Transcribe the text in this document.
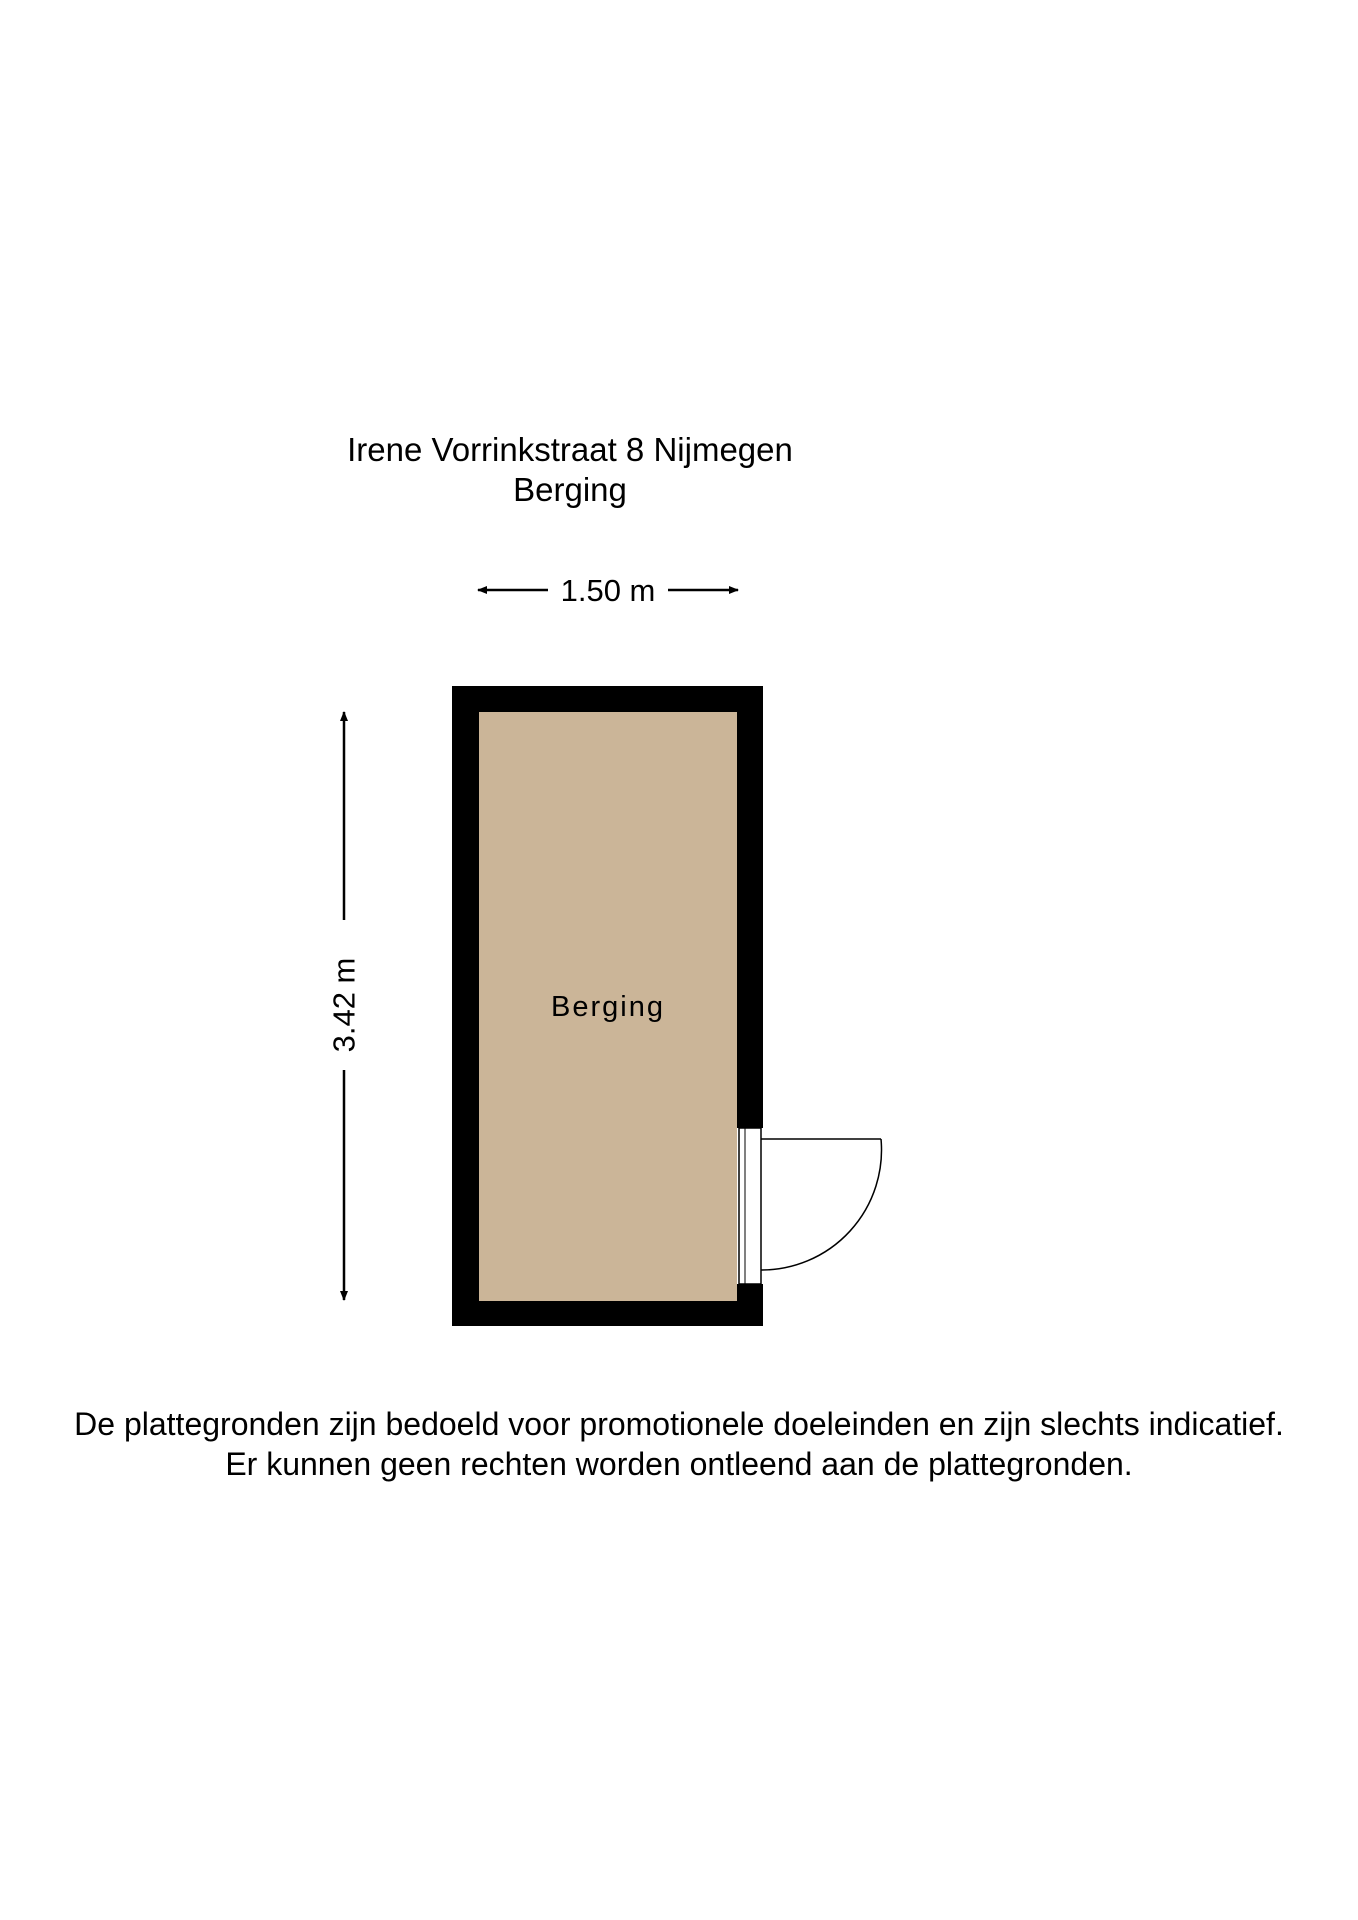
Irene Vorrinkstraat 8 Nijmegen
Berging
1.50 m
3.42 m	Berging
De plattegronden zijn bedoeld voor promotionele doeleinden en zijn slechts indicatief.
Er kunnen geen rechten worden ontleend aan de plattegronden.
